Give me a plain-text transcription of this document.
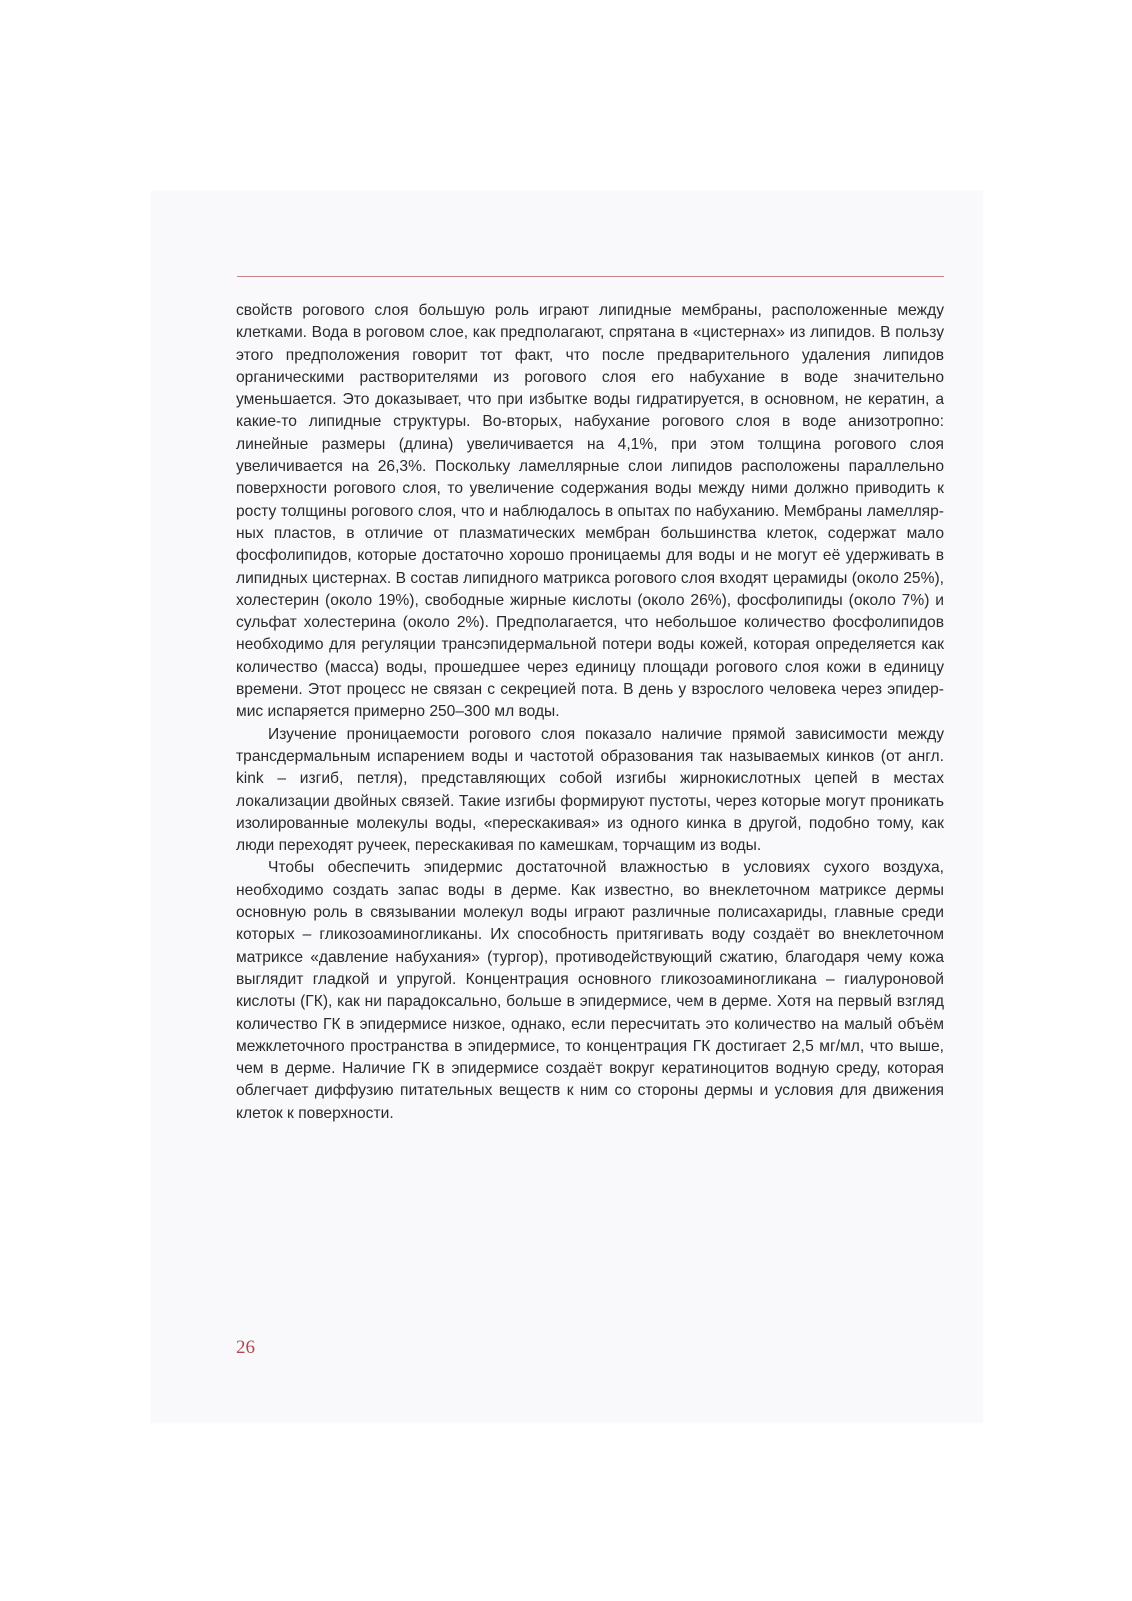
свойств рогового слоя большую роль играют липидные мембраны, расположенные между клетками. Вода в роговом слое, как предполагают, спрятана в «цистернах» из липидов. В пользу этого предположения говорит тот факт, что после предварительного удаления липидов органическими растворителями из рогового слоя его набухание в воде значительно уменьшается. Это доказывает, что при избытке воды гидратируется, в основном, не кератин, а какие-то липидные структуры. Во-вторых, набухание рогового слоя в воде анизотропно: линейные размеры (длина) увеличивается на 4,1%, при этом толщина рогового слоя увеличивается на 26,3%. Поскольку ламеллярные слои липидов расположены параллельно поверхности рогового слоя, то увеличение содержания воды между ними должно приводить к росту толщины рогового слоя, что и наблюдалось в опытах по набуханию. Мембраны ламеллярных пластов, в отличие от плазматических мембран большинства клеток, содержат мало фосфолипидов, которые достаточно хорошо проницаемы для воды и не могут её удерживать в липидных цистернах. В состав липидного матрикса рогового слоя входят церамиды (около 25%), холестерин (около 19%), свободные жирные кислоты (около 26%), фосфолипиды (около 7%) и сульфат холестерина (около 2%). Предполагается, что небольшое количество фосфолипидов необходимо для регуляции трансэпидермальной потери воды кожей, которая определяется как количество (масса) воды, прошедшее через единицу площади рогового слоя кожи в единицу времени. Этот процесс не связан с секрецией пота. В день у взрослого человека через эпидермис испаряется примерно 250–300 мл воды.

Изучение проницаемости рогового слоя показало наличие прямой зависимости между трансдермальным испарением воды и частотой образования так называемых кинков (от англ. kink – изгиб, петля), представляющих собой изгибы жирнокислотных цепей в местах локализации двойных связей. Такие изгибы формируют пустоты, через которые могут проникать изолированные молекулы воды, «перескакивая» из одного кинка в другой, подобно тому, как люди переходят ручеек, перескакивая по камешкам, торчащим из воды.

Чтобы обеспечить эпидермис достаточной влажностью в условиях сухого воздуха, необходимо создать запас воды в дерме. Как известно, во внеклеточном матриксе дермы основную роль в связывании молекул воды играют различные полисахариды, главные среди которых – гликозоаминогликаны. Их способность притягивать воду создаёт во внеклеточном матриксе «давление набухания» (тургор), противодействующий сжатию, благодаря чему кожа выглядит гладкой и упругой. Концентрация основного гликозоаминогликана – гиалуроновой кислоты (ГК), как ни парадоксально, больше в эпидермисе, чем в дерме. Хотя на первый взгляд количество ГК в эпидермисе низкое, однако, если пересчитать это количество на малый объём межклеточного пространства в эпидермисе, то концентрация ГК достигает 2,5 мг/мл, что выше, чем в дерме. Наличие ГК в эпидермисе создаёт вокруг кератиноцитов водную среду, которая облегчает диффузию питательных веществ к ним со стороны дермы и условия для движения клеток к поверхности.

26
